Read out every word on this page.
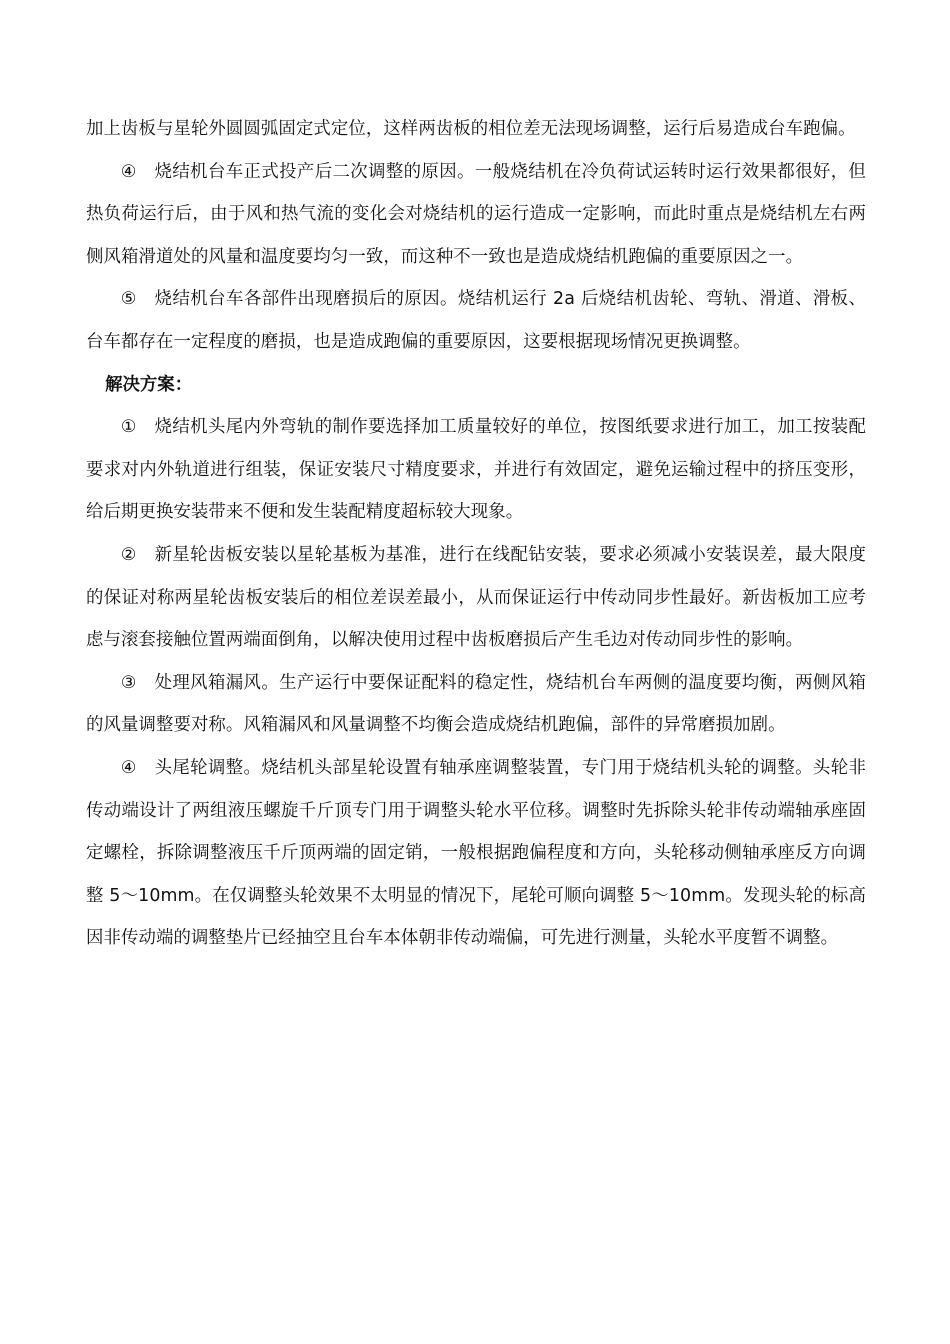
加上齿板与星轮外圆圆弧固定式定位，这样两齿板的相位差无法现场调整，运行后易造成台车跑偏。

④　烧结机台车正式投产后二次调整的原因。一般烧结机在冷负荷试运转时运行效果都很好，但热负荷运行后，由于风和热气流的变化会对烧结机的运行造成一定影响，而此时重点是烧结机左右两侧风箱滑道处的风量和温度要均匀一致，而这种不一致也是造成烧结机跑偏的重要原因之一。

⑤　烧结机台车各部件出现磨损后的原因。烧结机运行 2a 后烧结机齿轮、弯轨、滑道、滑板、台车都存在一定程度的磨损，也是造成跑偏的重要原因，这要根据现场情况更换调整。

解决方案：

①　烧结机头尾内外弯轨的制作要选择加工质量较好的单位，按图纸要求进行加工，加工按装配要求对内外轨道进行组装，保证安装尺寸精度要求，并进行有效固定，避免运输过程中的挤压变形，给后期更换安装带来不便和发生装配精度超标较大现象。

②　新星轮齿板安装以星轮基板为基准，进行在线配钻安装，要求必须减小安装误差，最大限度的保证对称两星轮齿板安装后的相位差误差最小，从而保证运行中传动同步性最好。新齿板加工应考虑与滚套接触位置两端面倒角，以解决使用过程中齿板磨损后产生毛边对传动同步性的影响。

③　处理风箱漏风。生产运行中要保证配料的稳定性，烧结机台车两侧的温度要均衡，两侧风箱的风量调整要对称。风箱漏风和风量调整不均衡会造成烧结机跑偏，部件的异常磨损加剧。

④　头尾轮调整。烧结机头部星轮设置有轴承座调整装置，专门用于烧结机头轮的调整。头轮非传动端设计了两组液压螺旋千斤顶专门用于调整头轮水平位移。调整时先拆除头轮非传动端轴承座固定螺栓，拆除调整液压千斤顶两端的固定销，一般根据跑偏程度和方向，头轮移动侧轴承座反方向调整 5～10mm。在仅调整头轮效果不太明显的情况下，尾轮可顺向调整 5～10mm。发现头轮的标高因非传动端的调整垫片已经抽空且台车本体朝非传动端偏，可先进行测量，头轮水平度暂不调整。
